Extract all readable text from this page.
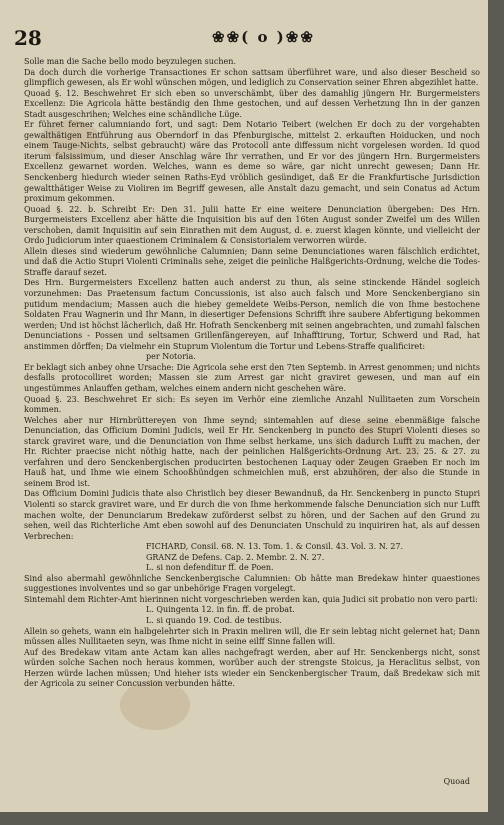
28	❀❀( o )❀❀

Solle man die Sache bello modo beyzulegen suchen.

Da doch durch die vorherige Transactiones Er schon sattsam überführet ware, und also dieser Bescheid so glimpflich gewesen, als Er wohl wünschen mögen, und lediglich zu Conservation seiner Ehren abgezihlet hatte.

Quoad §. 12. Beschwehret Er sich eben so unverschämbt, über des damahlig jüngern Hr. Burgermeisters Excellenz: Die Agricola hätte beständig den Ihme gestochen, und auf dessen Verhetzung Ihn in der ganzen Stadt ausgeschrihen; Welches eine schändliche Lüge.

Er führet ferner calumniando fort, und sagt: Dem Notario Teibert (welchen Er doch zu der vorgehabten gewalthätigen Entführung aus Oberndorf in das Pfenburgische, mittelst 2. erkauften Hoiducken, und noch einem Tauge-Nichts, selbst gebraucht) wäre das Protocoll ante diffessum nicht vorgelesen worden. Id quod iterum falsissimum, und dieser Anschlag wäre Ihr verrathen, und Er vor des jüngern Hrn. Burgermeisters Excellenz gewarnet worden. Welches, wann es deme so wäre, gar nicht unrecht gewesen; Dann Hr. Senckenberg hiedurch wieder seinen Raths-Eyd vröblich gesündiget, daß Er die Frankfurtische Jurisdiction gewaltthätiger Weise zu Violiren im Begriff gewesen, alle Anstalt dazu gemacht, und sein Conatus ad Actum proximum gekommen.

Quoad §. 22. b. Schreibt Er: Den 31. Julii hatte Er eine weitere Denunciation übergeben: Des Hrn. Burgermeisters Excellenz aber hätte die Inquisition bis auf den 16ten August sonder Zweifel um des Willen verschoben, damit Inquisitin auf sein Einrathen mit dem August, d. e. zuerst klagen könnte, und vielleicht der Ordo Judiciorum inter quaestionem Criminalem & Consistorialem verworren würde.

Allein dieses sind wiederum gewöhnliche Calumnien; Dann seine Denunciationes waren fälschlich erdichtet, und daß die Actio Stupri Violenti Criminalis sehe, zeiget die peinliche Halßgerichts-Ordnung, welche die Todes-Straffe darauf sezet.

Des Hrn. Burgermeisters Excellenz hatten auch anderst zu thun, als seine stinckende Händel sogleich vorzunehmen: Das Praetensum factum Concussionis, ist also auch falsch und More Senckenbergiano sin putidum mendacium; Massen auch die hiebey gemeldete Weibs-Person, nemlich die von Ihme bestochene Soldaten Frau Wagnerin und Ihr Mann, in diesertiger Defensions Schrifft ihre saubere Abfertigung bekommen werden; Und ist höchst lächerlich, daß Hr. Hofrath Senckenberg mit seinen angebrachten, und zumahl falschen Denunciations - Possen und seltsamen Grillenfängereyen, auf Inhafftirung, Tortur, Schwerd und Rad, hat anstimmen dörffen; Da vielmehr ein Stuprum Violentum die Tortur und Lebens-Straffe qualificiret:

per Notoria.

Er beklagt sich anbey ohne Ursache: Die Agricola sehe erst den 7ten Septemb. in Arrest genommen; und nichts desfalls protocolliret worden; Massen sie zum Arrest gar nicht graviret gewesen, und man auf ein ungestümmes Anlauffen getham, welches einem andern nicht geschehen wäre.

Quoad §. 23. Beschwehret Er sich: Es seyen im Verhör eine ziemliche Anzahl Nullitaeten zum Vorschein kommen.

Welches aber nur Hirnbrüttereyen von Ihme seynd; sintemahlen auf diese seine ebenmäßige falsche Denunciation, das Officium Domini Judicis, weil Er Hr. Senckenberg in puncto des Stupri Violenti dieses so starck graviret ware, und die Denunciation von Ihme selbst herkame, uns sich dadurch Lufft zu machen, der Hr. Richter praecise nicht nöthig hatte, nach der peinlichen Halßgerichts-Ordnung Art. 23. 25. & 27. zu verfahren und dero Senckenbergischen producirten bestochenen Laquay oder Zeugen Graeben Er noch im Hauß hat, und Ihme wie einem Schooßhündgen schmeichlen muß, erst abzuhören, der also die Stunde in seinem Brod ist.

Das Officium Domini Judicis thate also Christlich bey dieser Bewandnuß, da Hr. Senckenberg in puncto Stupri Violenti so starck graviret ware, und Er durch die von Ihme herkommende falsche Denunciation sich nur Lufft machen wolte, der Denunciarum Bredekaw zuförderst selbst zu hören, und der Sachen auf den Grund zu sehen, weil das Richterliche Amt eben sowohl auf des Denunciaten Unschuld zu inquiriren hat, als auf dessen Verbrechen:

FICHARD, Consil. 68. N. 13. Tom. 1. & Consil. 43. Vol. 3. N. 27.
GRANZ de Defens. Cap. 2. Membr. 2. N. 27.
L. si non defenditur ff. de Poen.

Sind also abermahl gewöhnliche Senckenbergische Calumnien: Ob hätte man Bredekaw hinter quaestiones suggestiones involventes und so gar unbehörige Fragen vorgelegt.

Sintemahl dem Richter-Amt hierinnen nicht vorgeschrieben werden kan, quia Judici sit probatio non vero parti:

L. Quingenta 12. in fin. ff. de probat.
L. si quando 19. Cod. de testibus.

Allein so gehets, wann ein halbgelehrter sich in Praxin meliren will, die Er sein lebtag nicht gelernet hat; Dann müssen alles Nullitaeten seyn, was Ihme nicht in seine eilff Sinne fallen will.

Auf des Bredekaw vitam ante Actam kan alles nachgefragt werden, aber auf Hr. Senckenbergs nicht, sonst würden solche Sachen noch heraus kommen, worüber auch der strengste Stoicus, ja Heraclitus selbst, von Herzen würde lachen müssen; Und hieher ists wieder ein Senckenbergischer Traum, daß Bredekaw sich mit der Agricola zu seiner Concussion verbunden hätte.

Quoad
